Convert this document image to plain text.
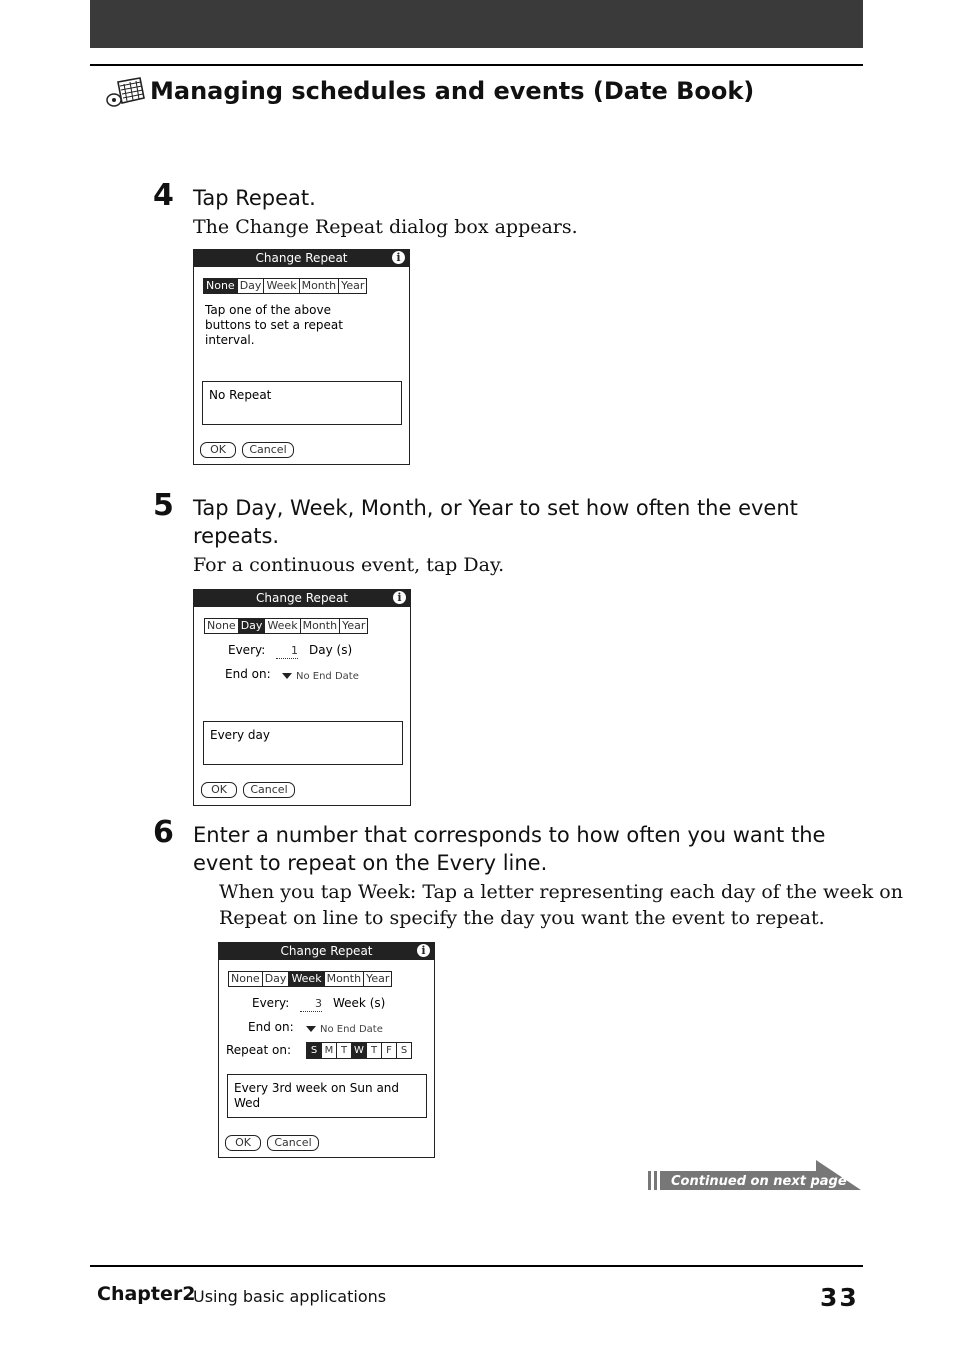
Managing schedules and events (Date Book)
4 Tap Repeat.
The Change Repeat dialog box appears.
Change Repeat	i
None Day Week Month Year
Tap one of the above
buttons to set a repeat
interval.
No Repeat
OK	Cancel
5 Tap Day, Week, Month, or Year to set how often the event
repeats.
For a continuous event, tap Day.
Change Repeat	i
None Day Week Month Year
Every:	1 Day (s)
End on:	No End Date
Every day
OK	Cancel
6 Enter a number that corresponds to how often you want the
event to repeat on the Every line.
When you tap Week: Tap a letter representing each day of the week on
Repeat on line to specify the day you want the event to repeat.
Change Repeat	i
None Day Week Month Year
Every:	3 Week (s)
End on:	No End Date
Repeat on:	S M T W T F S
Every 3rd week on Sun and
Wed
OK	Cancel
Continued on next page
Chapter2
Using basic applications	33
